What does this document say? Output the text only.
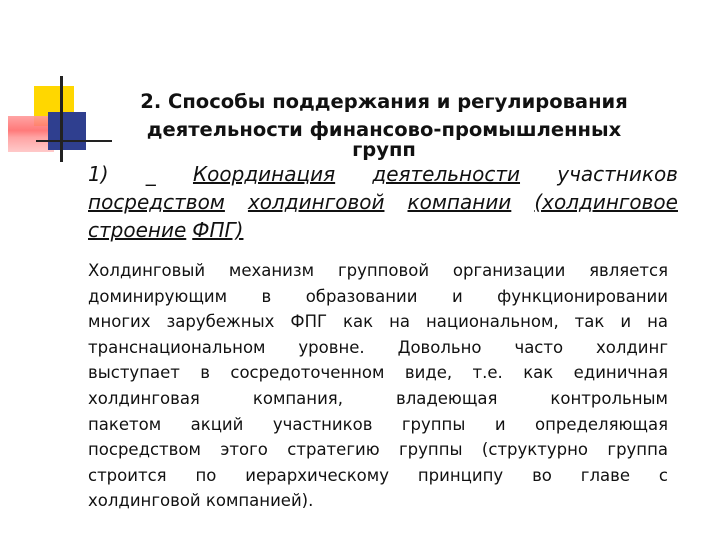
2. Способы поддержания и регулирования
деятельности финансово-промышленных
групп
1) _ Координация деятельности участников
посредством холдинговой компании (холдинговое
строение ФПГ)

Холдинговый механизм групповой организации является
доминирующим в образовании и функционировании
многих зарубежных ФПГ как на национальном, так и на
транснациональном уровне. Довольно часто холдинг
выступает в сосредоточенном виде, т.е. как единичная
холдинговая компания, владеющая контрольным
пакетом акций участников группы и определяющая
посредством этого стратегию группы (структурно группа
строится по иерархическому принципу во главе с
холдинговой компанией).
